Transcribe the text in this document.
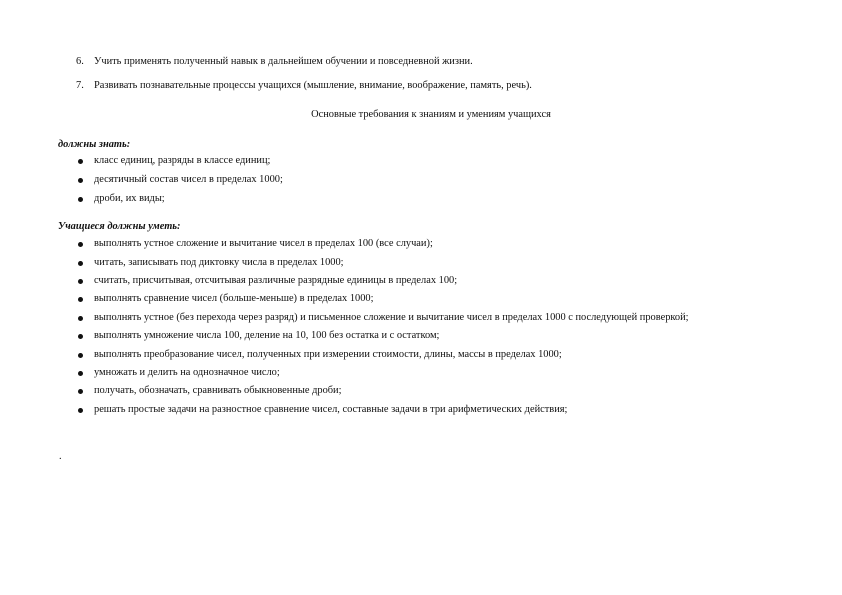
6. Учить применять полученный навык в дальнейшем обучении и повседневной жизни.
7. Развивать познавательные процессы учащихся (мышление, внимание, воображение, память, речь).
Основные требования к знаниям и умениям учащихся
должны знать:
класс единиц, разряды в классе единиц;
десятичный состав чисел в пределах 1000;
дроби, их виды;
Учащиеся должны уметь:
выполнять устное сложение и вычитание чисел в пределах 100 (все случаи);
читать, записывать под диктовку числа в пределах 1000;
считать, присчитывая, отсчитывая различные разрядные единицы в пределах 100;
выполнять сравнение чисел (больше-меньше) в пределах 1000;
выполнять устное (без перехода через разряд) и письменное сложение и вычитание чисел в пределах 1000 с последующей проверкой;
выполнять умножение числа 100, деление на 10, 100 без остатка и с остатком;
выполнять преобразование чисел, полученных при измерении стоимости, длины, массы в пределах 1000;
умножать и делить на однозначное число;
получать, обозначать, сравнивать обыкновенные дроби;
решать простые задачи на разностное сравнение чисел, составные задачи в три арифметических действия;
.
